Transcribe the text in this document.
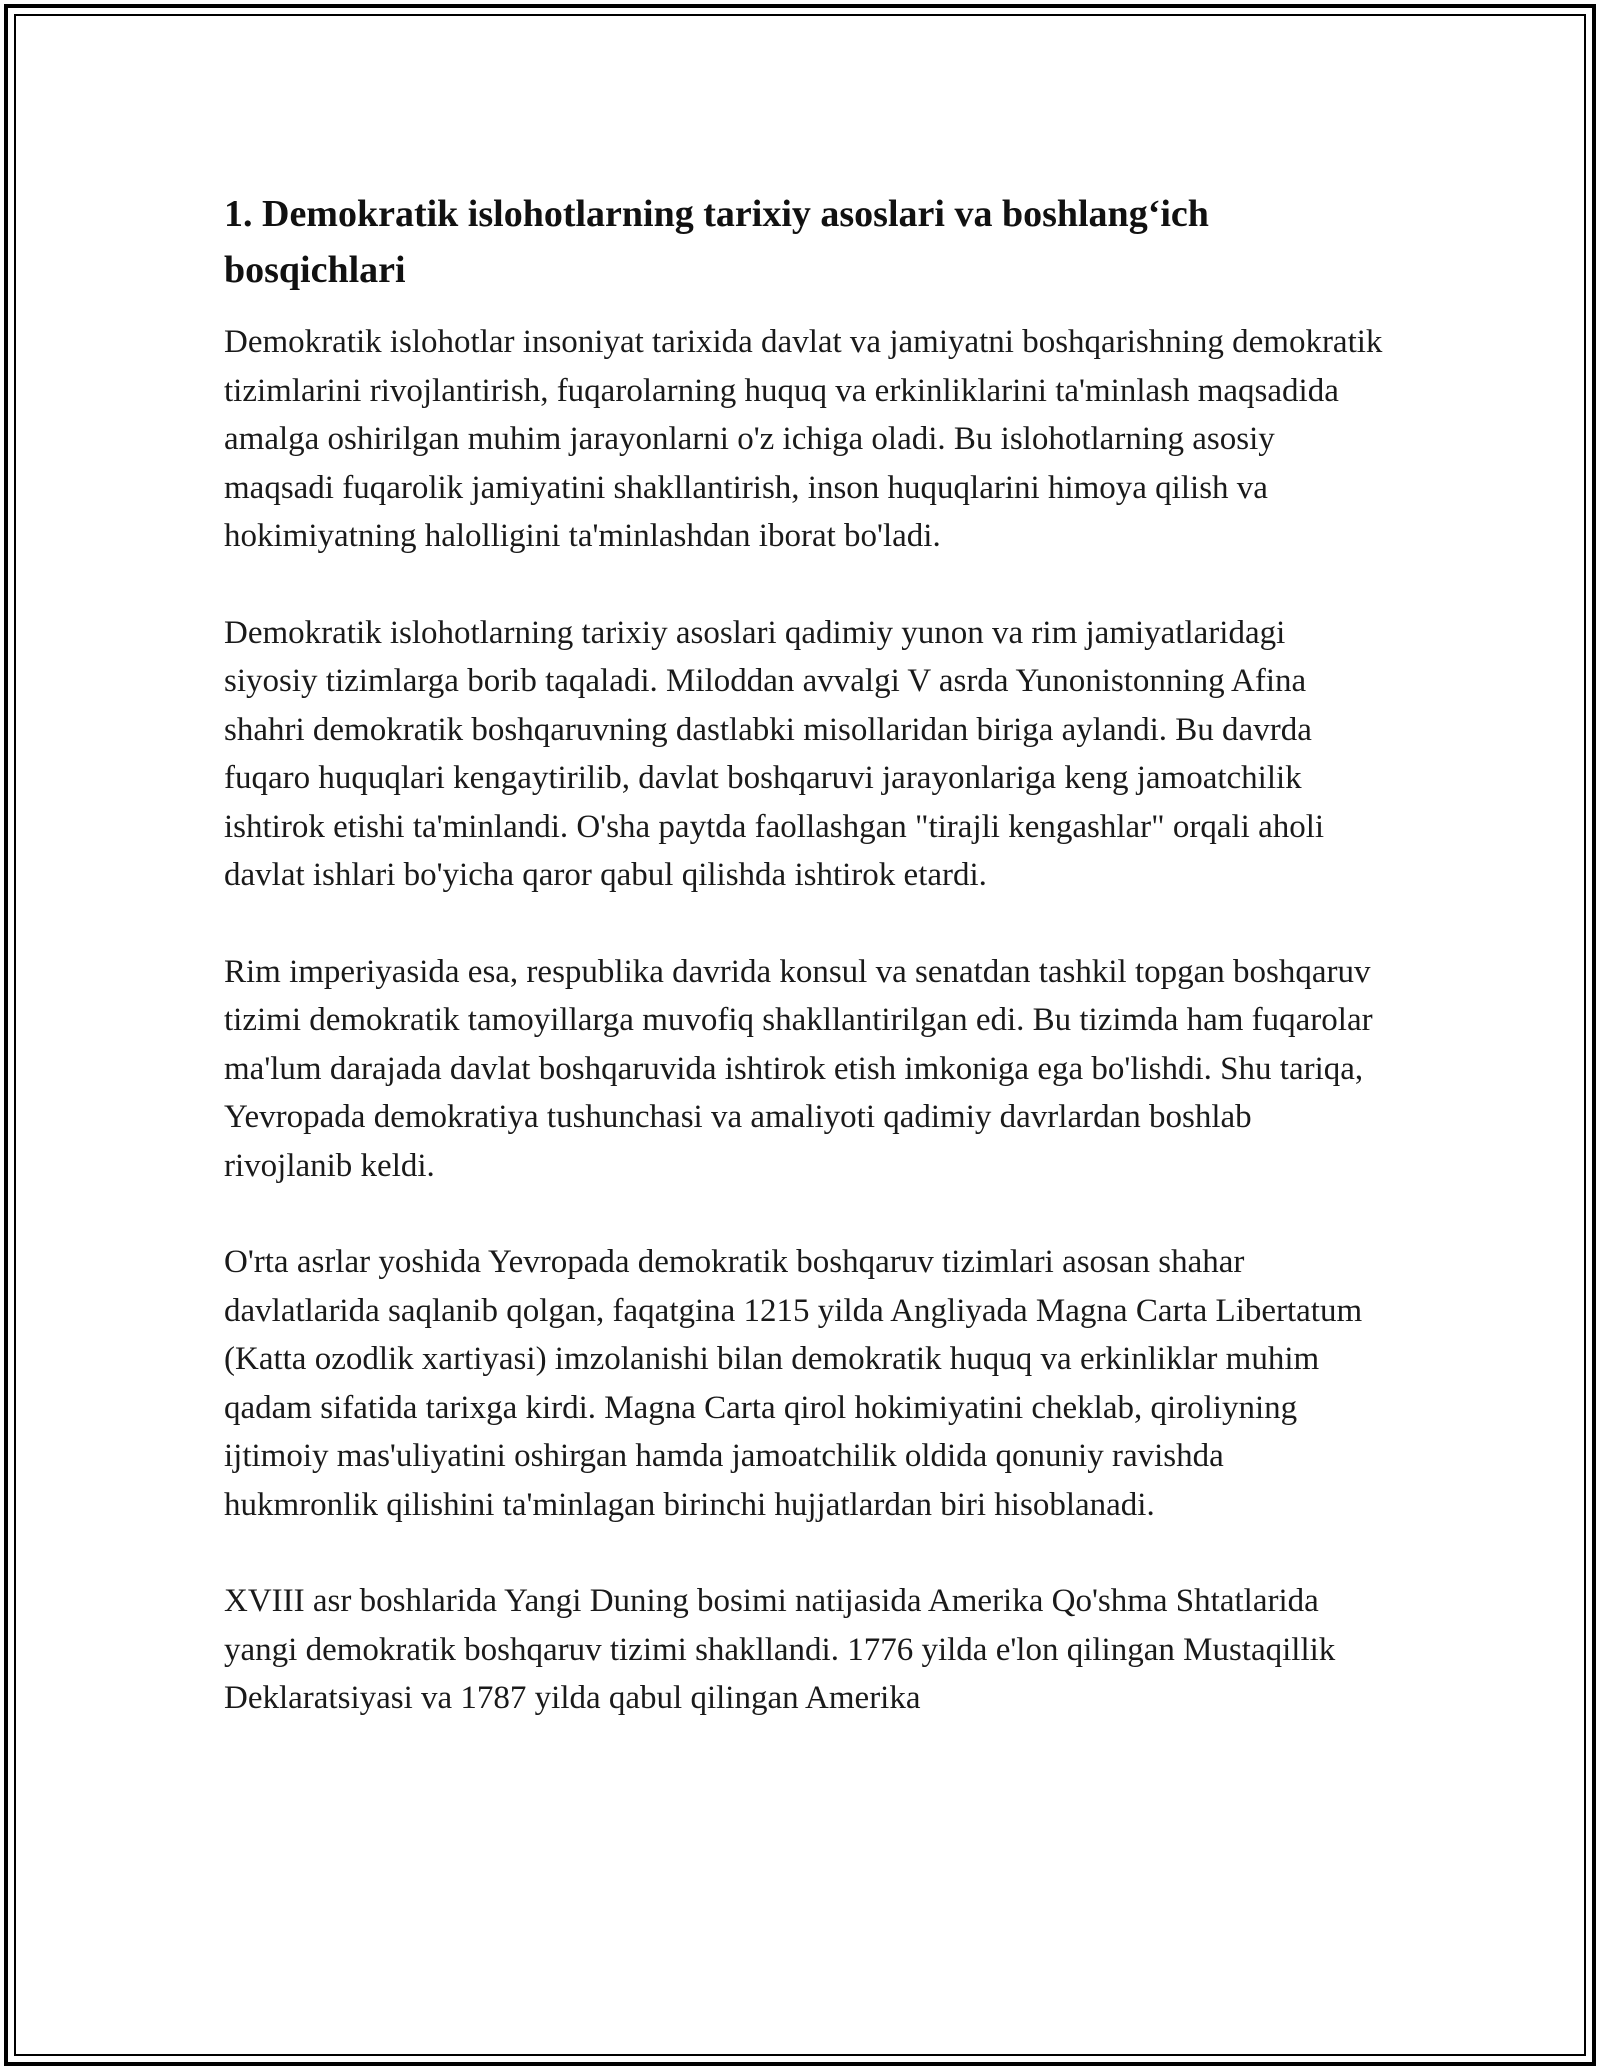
1. Demokratik islohotlarning tarixiy asoslari va boshlang‘ich bosqichlari

Demokratik islohotlar insoniyat tarixida davlat va jamiyatni boshqarishning demokratik tizimlarini rivojlantirish, fuqarolarning huquq va erkinliklarini ta'minlash maqsadida amalga oshirilgan muhim jarayonlarni o'z ichiga oladi. Bu islohotlarning asosiy maqsadi fuqarolik jamiyatini shakllantirish, inson huquqlarini himoya qilish va hokimiyatning halolligini ta'minlashdan iborat bo'ladi.

Demokratik islohotlarning tarixiy asoslari qadimiy yunon va rim jamiyatlaridagi siyosiy tizimlarga borib taqaladi. Miloddan avvalgi V asrda Yunonistonning Afina shahri demokratik boshqaruvning dastlabki misollaridan biriga aylandi. Bu davrda fuqaro huquqlari kengaytirilib, davlat boshqaruvi jarayonlariga keng jamoatchilik ishtirok etishi ta'minlandi. O'sha paytda faollashgan "tirajli kengashlar" orqali aholi davlat ishlari bo'yicha qaror qabul qilishda ishtirok etardi.

Rim imperiyasida esa, respublika davrida konsul va senatdan tashkil topgan boshqaruv tizimi demokratik tamoyillarga muvofiq shakllantirilgan edi. Bu tizimda ham fuqarolar ma'lum darajada davlat boshqaruvida ishtirok etish imkoniga ega bo'lishdi. Shu tariqa, Yevropada demokratiya tushunchasi va amaliyoti qadimiy davrlardan boshlab rivojlanib keldi.

O'rta asrlar yoshida Yevropada demokratik boshqaruv tizimlari asosan shahar davlatlarida saqlanib qolgan, faqatgina 1215 yilda Angliyada Magna Carta Libertatum (Katta ozodlik xartiyasi) imzolanishi bilan demokratik huquq va erkinliklar muhim qadam sifatida tarixga kirdi. Magna Carta qirol hokimiyatini cheklab, qiroliyning ijtimoiy mas'uliyatini oshirgan hamda jamoatchilik oldida qonuniy ravishda hukmronlik qilishini ta'minlagan birinchi hujjatlardan biri hisoblanadi.

XVIII asr boshlarida Yangi Duning bosimi natijasida Amerika Qo'shma Shtatlarida yangi demokratik boshqaruv tizimi shakllandi. 1776 yilda e'lon qilingan Mustaqillik Deklaratsiyasi va 1787 yilda qabul qilingan Amerika
